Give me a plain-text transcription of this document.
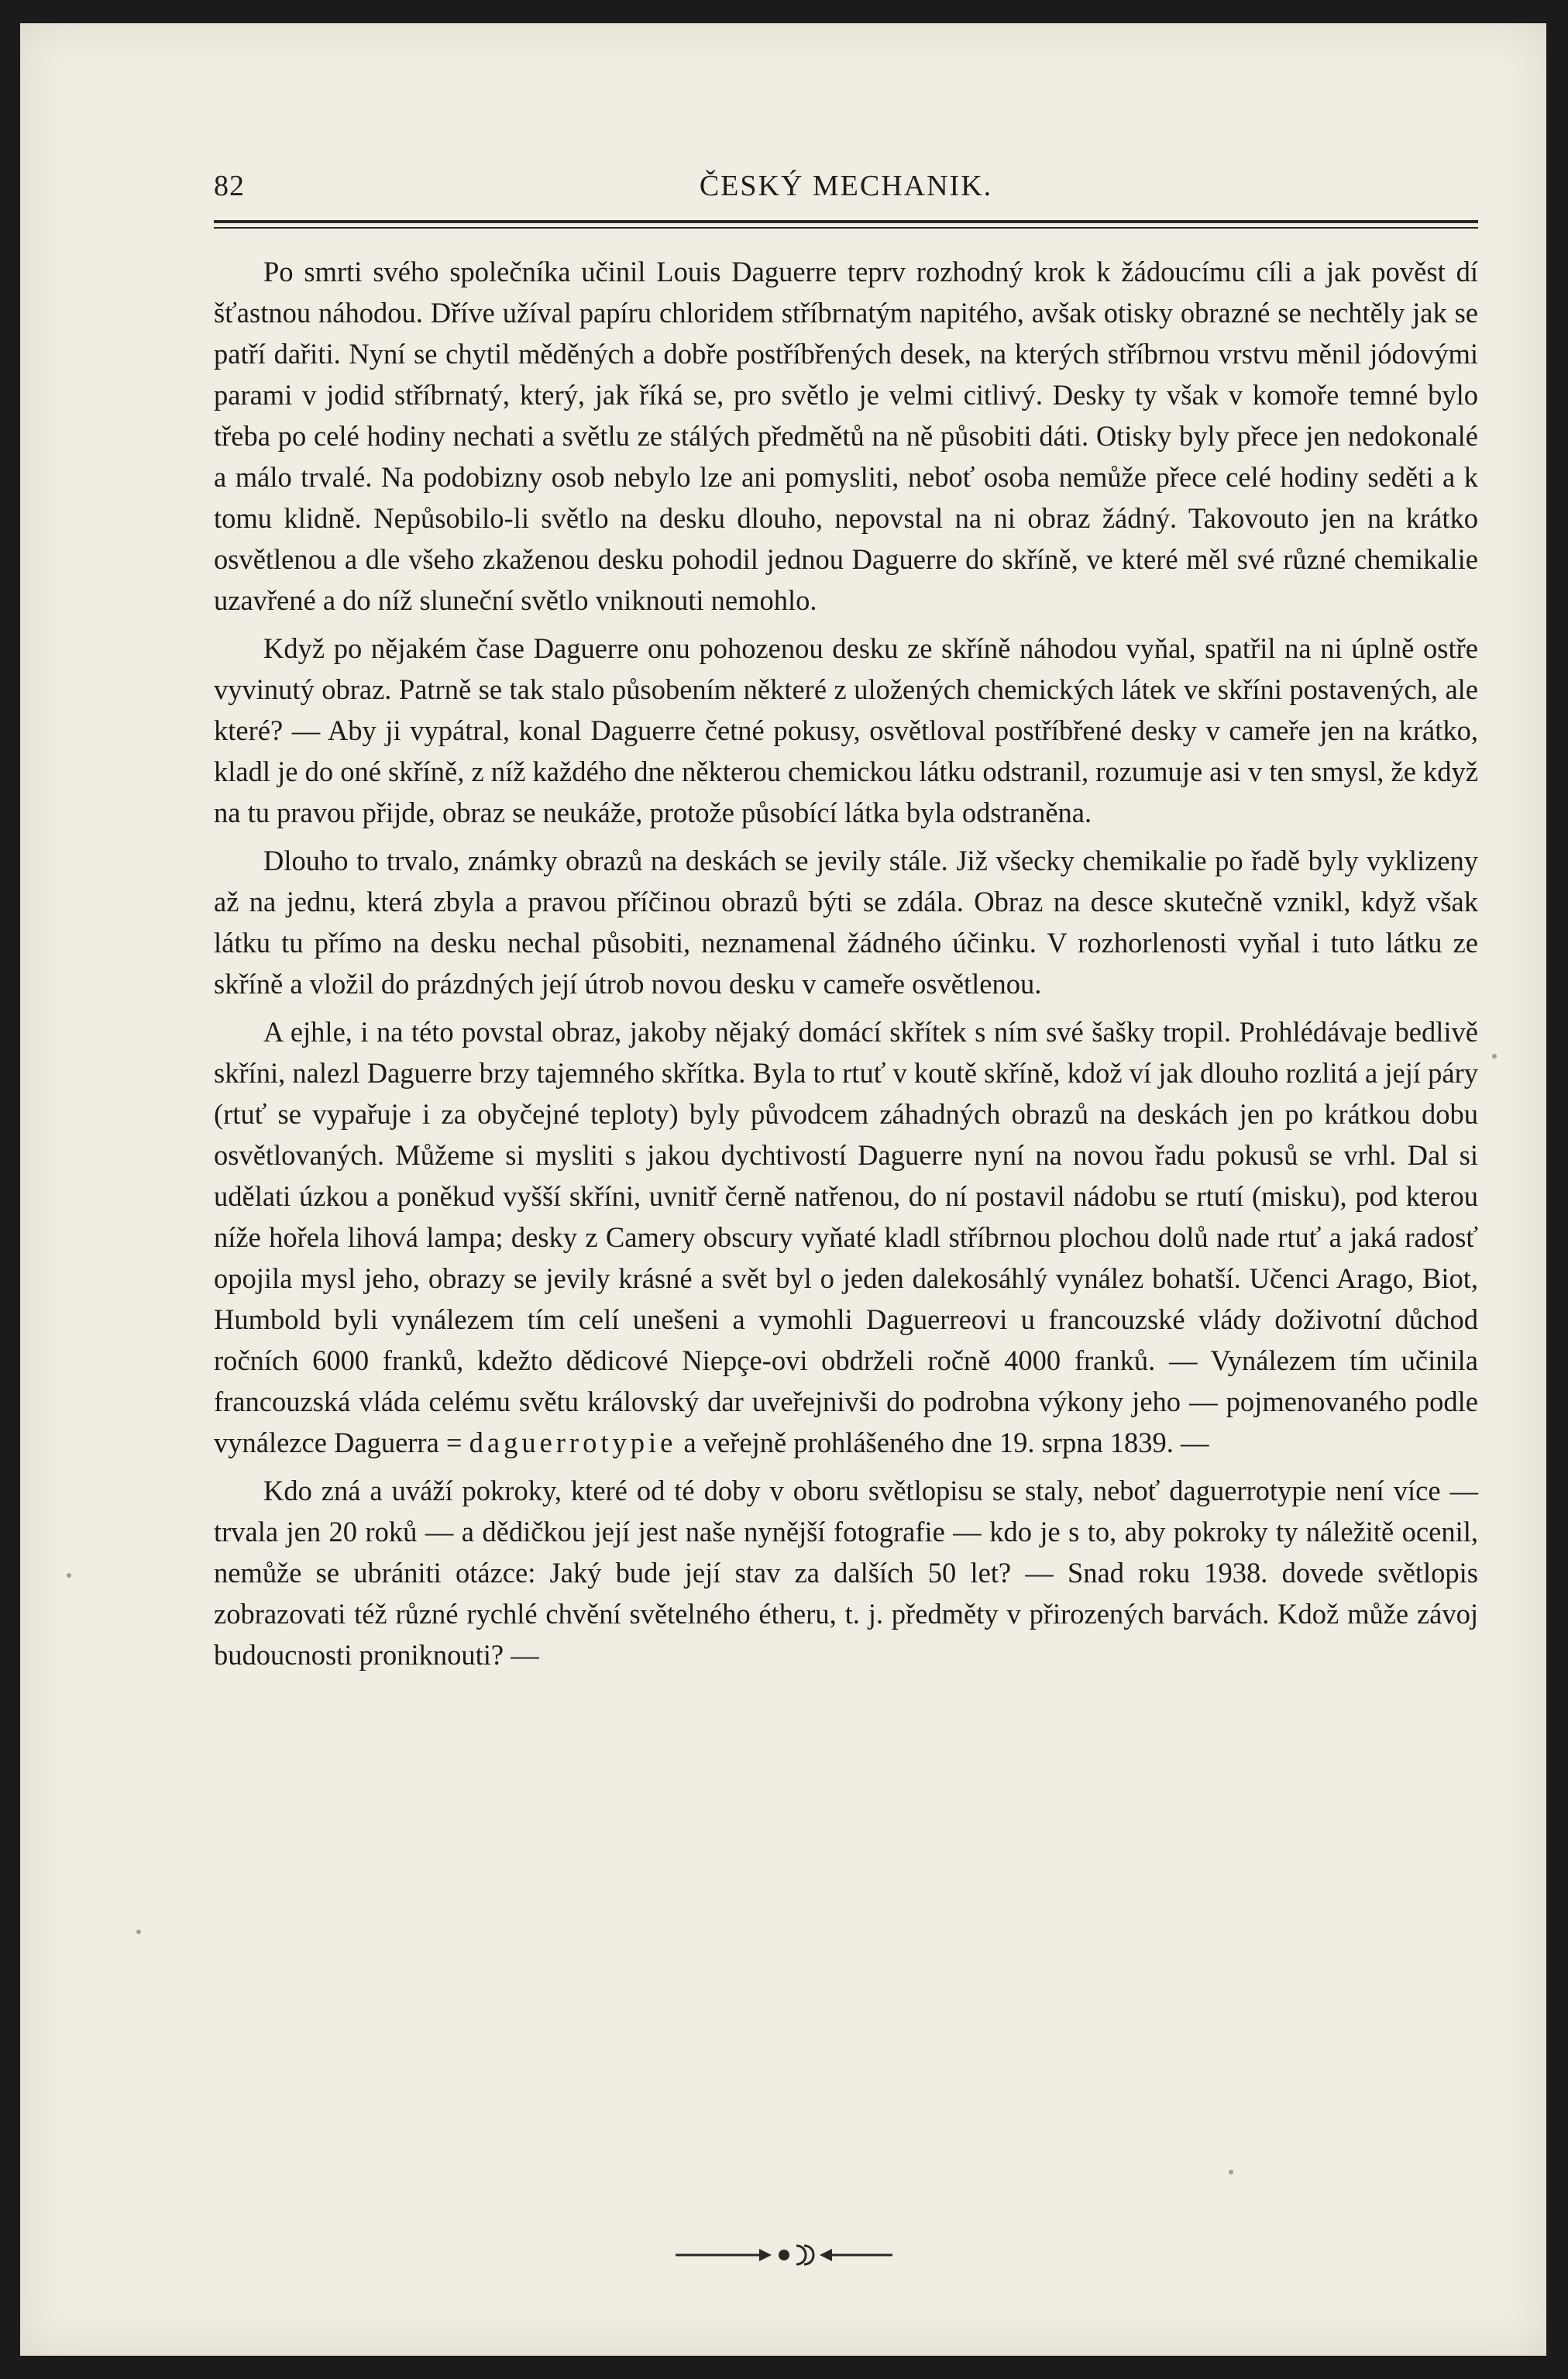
82	ČESKÝ MECHANIK.

Po smrti svého společníka učinil Louis Daguerre teprv rozhodný krok k žádoucímu cíli a jak pověst dí šťastnou náhodou. Dříve užíval papíru chloridem stříbrnatým napitého, avšak otisky obrazné se nechtěly jak se patří dařiti. Nyní se chytil měděných a dobře postříbřených desek, na kterých stříbrnou vrstvu měnil jódovými parami v jodid stříbrnatý, který, jak říká se, pro světlo je velmi citlivý. Desky ty však v komoře temné bylo třeba po celé hodiny nechati a světlu ze stálých předmětů na ně působiti dáti. Otisky byly přece jen nedokonalé a málo trvalé. Na podobizny osob nebylo lze ani pomysliti, neboť osoba nemůže přece celé hodiny seděti a k tomu klidně. Nepůsobilo-li světlo na desku dlouho, nepovstal na ni obraz žádný. Takovouto jen na krátko osvětlenou a dle všeho zkaženou desku pohodil jednou Daguerre do skříně, ve které měl své různé chemikalie uzavřené a do níž sluneční světlo vniknouti nemohlo.

Když po nějakém čase Daguerre onu pohozenou desku ze skříně náhodou vyňal, spatřil na ni úplně ostře vyvinutý obraz. Patrně se tak stalo působením některé z uložených chemických látek ve skříni postavených, ale které? — Aby ji vypátral, konal Daguerre četné pokusy, osvětloval postříbřené desky v cameře jen na krátko, kladl je do oné skříně, z níž každého dne některou chemickou látku odstranil, rozumuje asi v ten smysl, že když na tu pravou přijde, obraz se neukáže, protože působící látka byla odstraněna.

Dlouho to trvalo, známky obrazů na deskách se jevily stále. Již všecky chemikalie po řadě byly vyklizeny až na jednu, která zbyla a pravou příčinou obrazů býti se zdála. Obraz na desce skutečně vznikl, když však látku tu přímo na desku nechal působiti, neznamenal žádného účinku. V rozhorlenosti vyňal i tuto látku ze skříně a vložil do prázdných její útrob novou desku v cameře osvětlenou.

A ejhle, i na této povstal obraz, jakoby nějaký domácí skřítek s ním své šašky tropil. Prohlédávaje bedlivě skříni, nalezl Daguerre brzy tajemného skřítka. Byla to rtuť v koutě skříně, kdož ví jak dlouho rozlitá a její páry (rtuť se vypařuje i za obyčejné teploty) byly původcem záhadných obrazů na deskách jen po krátkou dobu osvětlovaných. Můžeme si mysliti s jakou dychtivostí Daguerre nyní na novou řadu pokusů se vrhl. Dal si udělati úzkou a poněkud vyšší skříni, uvnitř černě natřenou, do ní postavil nádobu se rtutí (misku), pod kterou níže hořela lihová lampa; desky z Camery obscury vyňaté kladl stříbrnou plochou dolů nade rtuť a jaká radosť opojila mysl jeho, obrazy se jevily krásné a svět byl o jeden dalekosáhlý vynález bohatší. Učenci Arago, Biot, Humbold byli vynálezem tím celí unešeni a vymohli Daguerreovi u francouzské vlády doživotní důchod ročních 6000 franků, kdežto dědicové Niepçe-ovi obdrželi ročně 4000 franků. — Vynálezem tím učinila francouzská vláda celému světu královský dar uveřejnivši do podrobna výkony jeho — pojmenovaného podle vynálezce Daguerra = daguerrotypie a veřejně prohlášeného dne 19. srpna 1839. —

Kdo zná a uváží pokroky, které od té doby v oboru světlopisu se staly, neboť daguerrotypie není více — trvala jen 20 roků — a dědičkou její jest naše nynější fotografie — kdo je s to, aby pokroky ty náležitě ocenil, nemůže se ubrániti otázce: Jaký bude její stav za dalších 50 let? — Snad roku 1938. dovede světlopis zobrazovati též různé rychlé chvění světelného étheru, t. j. předměty v přirozených barvách. Kdož může závoj budoucnosti proniknouti? —
